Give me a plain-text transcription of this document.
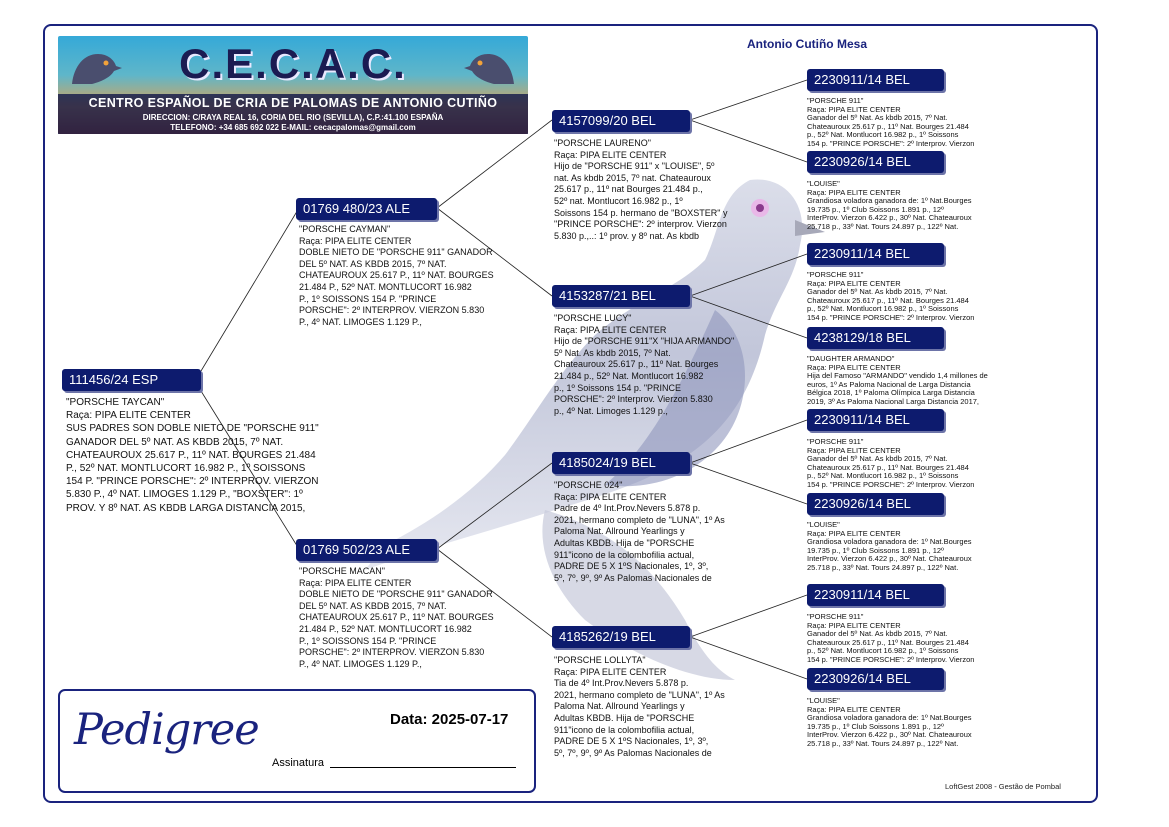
C.E.C.A.C.
CENTRO ESPAÑOL DE CRIA DE PALOMAS DE ANTONIO CUTIÑO
DIRECCION: C/RAYA REAL 16, CORIA DEL RIO (SEVILLA), C.P.:41.100 ESPAÑA
TELEFONO: +34 685 692 022 E-MAIL: cecacpalomas@gmail.com
Antonio Cutiño Mesa
111456/24 ESP
"PORSCHE TAYCAN"
Raça: PIPA ELITE CENTER
SUS PADRES SON DOBLE NIETO DE "PORSCHE 911"
GANADOR DEL 5º NAT. AS KBDB 2015, 7º NAT.
CHATEAUROUX 25.617 P., 11º NAT. BOURGES 21.484
P., 52º NAT. MONTLUCORT 16.982 P., 1º SOISSONS
154 P. "PRINCE PORSCHE": 2º INTERPROV. VIERZON
5.830 P., 4º NAT. LIMOGES 1.129 P., "BOXSTER": 1º
PROV. Y 8º NAT. AS KBDB LARGA DISTANCIA 2015,
01769 480/23 ALE
"PORSCHE CAYMAN"
Raça: PIPA ELITE CENTER
DOBLE NIETO DE "PORSCHE 911" GANADOR
DEL 5º NAT. AS KBDB 2015, 7º NAT.
CHATEAUROUX 25.617 P., 11º NAT. BOURGES
21.484 P., 52º NAT. MONTLUCORT 16.982
P., 1º SOISSONS 154 P. "PRINCE
PORSCHE": 2º INTERPROV. VIERZON 5.830
P., 4º NAT. LIMOGES 1.129 P.,
01769 502/23 ALE
"PORSCHE MACAN"
Raça: PIPA ELITE CENTER
DOBLE NIETO DE "PORSCHE 911" GANADOR
DEL 5º NAT. AS KBDB 2015, 7º NAT.
CHATEAUROUX 25.617 P., 11º NAT. BOURGES
21.484 P., 52º NAT. MONTLUCORT 16.982
P., 1º SOISSONS 154 P. "PRINCE
PORSCHE": 2º INTERPROV. VIERZON 5.830
P., 4º NAT. LIMOGES 1.129 P.,
4157099/20 BEL
"PORSCHE LAURENO"
Raça: PIPA ELITE CENTER
Hijo de "PORSCHE 911" x "LOUISE", 5º
nat. As kbdb 2015, 7º nat. Chateauroux
25.617 p., 11º nat Bourges 21.484 p.,
52º nat. Montlucort 16.982 p., 1º
Soissons 154 p. hermano de "BOXSTER" y
"PRINCE PORSCHE": 2º interprov. Vierzon
5.830 p.,..: 1º prov. y 8º nat. As kbdb
4153287/21 BEL
"PORSCHE LUCY"
Raça: PIPA ELITE CENTER
Hijo de "PORSCHE 911"X "HIJA ARMANDO"
5º Nat. As kbdb 2015, 7º Nat.
Chateauroux 25.617 p., 11º Nat. Bourges
21.484 p., 52º Nat. Montlucort 16.982
p., 1º Soissons 154 p. "PRINCE
PORSCHE": 2º Interprov. Vierzon 5.830
p., 4º Nat. Limoges 1.129 p.,
4185024/19 BEL
"PORSCHE 024"
Raça: PIPA ELITE CENTER
Padre de 4º Int.Prov.Nevers 5.878 p.
2021, hermano completo de "LUNA", 1º As
Paloma Nat. Allround Yearlings y
Adultas KBDB. Hija de "PORSCHE
911"icono de la colombofilia actual,
PADRE DE 5 X 1ºS Nacionales, 1º, 3º,
5º, 7º, 9º, 9º As Palomas Nacionales de
4185262/19 BEL
"PORSCHE LOLLYTA"
Raça: PIPA ELITE CENTER
Tia de 4º Int.Prov.Nevers 5.878 p.
2021, hermano completo de "LUNA", 1º As
Paloma Nat. Allround Yearlings y
Adultas KBDB. Hija de "PORSCHE
911"icono de la colombofilia actual,
PADRE DE 5 X 1ºS Nacionales, 1º, 3º,
5º, 7º, 9º, 9º As Palomas Nacionales de
2230911/14 BEL
"PORSCHE 911"
Raça: PIPA ELITE CENTER
Ganador del 5º Nat. As kbdb 2015, 7º Nat.
Chateauroux 25.617 p., 11º Nat. Bourges 21.484
p., 52º Nat. Montlucort 16.982 p., 1º Soissons
154 p. "PRINCE PORSCHE": 2º Interprov. Vierzon
2230926/14 BEL
"LOUISE"
Raça: PIPA ELITE CENTER
Grandiosa voladora ganadora de: 1º Nat.Bourges
19.735 p., 1º Club Soissons 1.891 p., 12º
InterProv. Vierzon 6.422 p., 30º Nat. Chateauroux
25.718 p., 33º Nat. Tours 24.897 p., 122º Nat.
2230911/14 BEL
"PORSCHE 911"
Raça: PIPA ELITE CENTER
Ganador del 5º Nat. As kbdb 2015, 7º Nat.
Chateauroux 25.617 p., 11º Nat. Bourges 21.484
p., 52º Nat. Montlucort 16.982 p., 1º Soissons
154 p. "PRINCE PORSCHE": 2º Interprov. Vierzon
4238129/18 BEL
"DAUGHTER ARMANDO"
Raça: PIPA ELITE CENTER
Hija del Famoso "ARMANDO" vendido 1,4 millones de
euros, 1º As Paloma Nacional de Larga Distancia
Bélgica 2018, 1º Paloma Olímpica Larga Distancia
2019, 3º As Paloma Nacional Larga Distancia 2017,
2230911/14 BEL
"PORSCHE 911"
Raça: PIPA ELITE CENTER
Ganador del 5º Nat. As kbdb 2015, 7º Nat.
Chateauroux 25.617 p., 11º Nat. Bourges 21.484
p., 52º Nat. Montlucort 16.982 p., 1º Soissons
154 p. "PRINCE PORSCHE": 2º Interprov. Vierzon
2230926/14 BEL
"LOUISE"
Raça: PIPA ELITE CENTER
Grandiosa voladora ganadora de: 1º Nat.Bourges
19.735 p., 1º Club Soissons 1.891 p., 12º
InterProv. Vierzon 6.422 p., 30º Nat. Chateauroux
25.718 p., 33º Nat. Tours 24.897 p., 122º Nat.
2230911/14 BEL
"PORSCHE 911"
Raça: PIPA ELITE CENTER
Ganador del 5º Nat. As kbdb 2015, 7º Nat.
Chateauroux 25.617 p., 11º Nat. Bourges 21.484
p., 52º Nat. Montlucort 16.982 p., 1º Soissons
154 p. "PRINCE PORSCHE": 2º Interprov. Vierzon
2230926/14 BEL
"LOUISE"
Raça: PIPA ELITE CENTER
Grandiosa voladora ganadora de: 1º Nat.Bourges
19.735 p., 1º Club Soissons 1.891 p., 12º
InterProv. Vierzon 6.422 p., 30º Nat. Chateauroux
25.718 p., 33º Nat. Tours 24.897 p., 122º Nat.
Pedigree	Data: 2025-07-17
Assinatura
LoftGest 2008 - Gestão de Pombal
